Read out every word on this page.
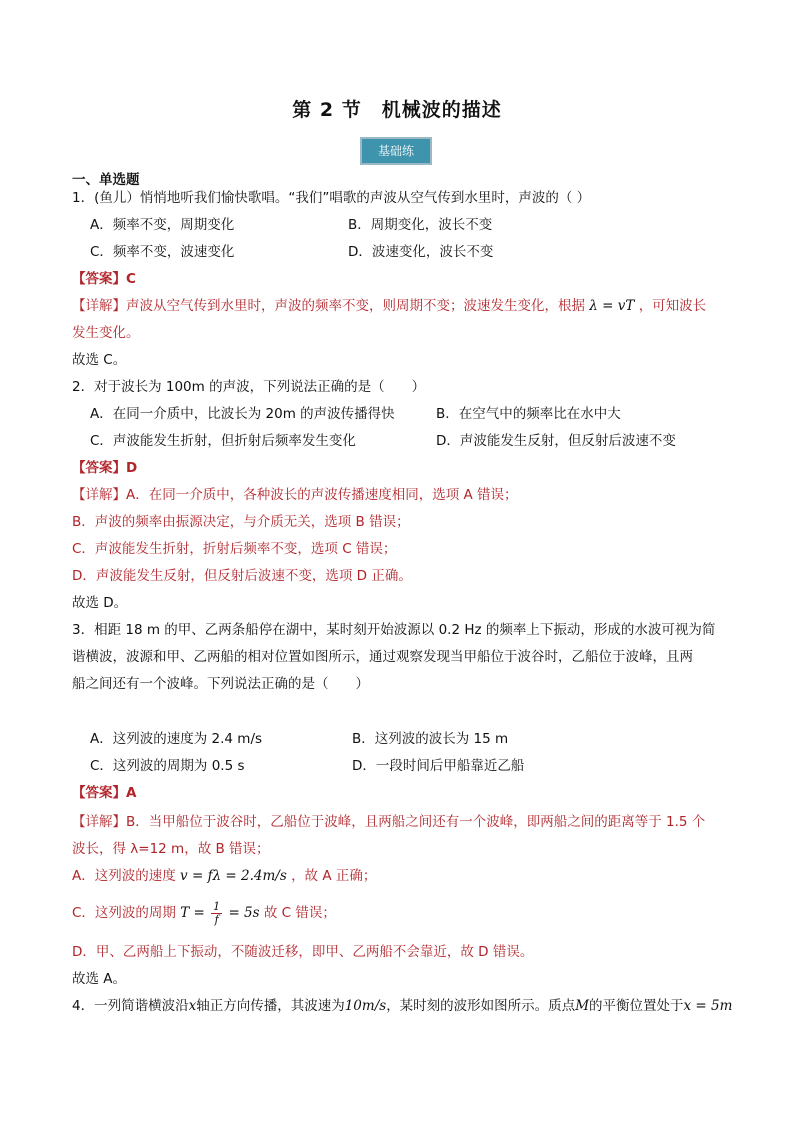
第 2 节　机械波的描述
基础练
一、单选题
1．(鱼儿）悄悄地听我们愉快歌唱。“我们”唱歌的声波从空气传到水里时，声波的（ ）
A．频率不变，周期变化	B．周期变化，波长不变
C．频率不变，波速变化	D．波速变化，波长不变
【答案】C
【详解】声波从空气传到水里时，声波的频率不变，则周期不变；波速发生变化，根据 λ = vT ，可知波长
发生变化。
故选 C。
2．对于波长为 100m 的声波，下列说法正确的是（　　）
A．在同一介质中，比波长为 20m 的声波传播得快	B．在空气中的频率比在水中大
C．声波能发生折射，但折射后频率发生变化	D．声波能发生反射，但反射后波速不变
【答案】D
【详解】A．在同一介质中，各种波长的声波传播速度相同，选项 A 错误；
B．声波的频率由振源决定，与介质无关，选项 B 错误；
C．声波能发生折射，折射后频率不变，选项 C 错误；
D．声波能发生反射，但反射后波速不变，选项 D 正确。
故选 D。
3．相距 18 m 的甲、乙两条船停在湖中，某时刻开始波源以 0.2 Hz 的频率上下振动，形成的水波可视为简
谐横波，波源和甲、乙两船的相对位置如图所示，通过观察发现当甲船位于波谷时，乙船位于波峰，且两
船之间还有一个波峰。下列说法正确的是（　　）
A．这列波的速度为 2.4 m/s	B．这列波的波长为 15 m
C．这列波的周期为 0.5 s	D．一段时间后甲船靠近乙船
【答案】A
【详解】B．当甲船位于波谷时，乙船位于波峰，且两船之间还有一个波峰，即两船之间的距离等于 1.5 个
波长，得 λ=12 m，故 B 错误；
A．这列波的速度 v = fλ = 2.4m/s ，故 A 正确；
C．这列波的周期 $T = \frac{1}{f} = 5s$ 故 C 错误；
D．甲、乙两船上下振动，不随波迁移，即甲、乙两船不会靠近，故 D 错误。
故选 A。
4．一列简谐横波沿x轴正方向传播，其波速为10m/s，某时刻的波形如图所示。质点M的平衡位置处于x = 5m
